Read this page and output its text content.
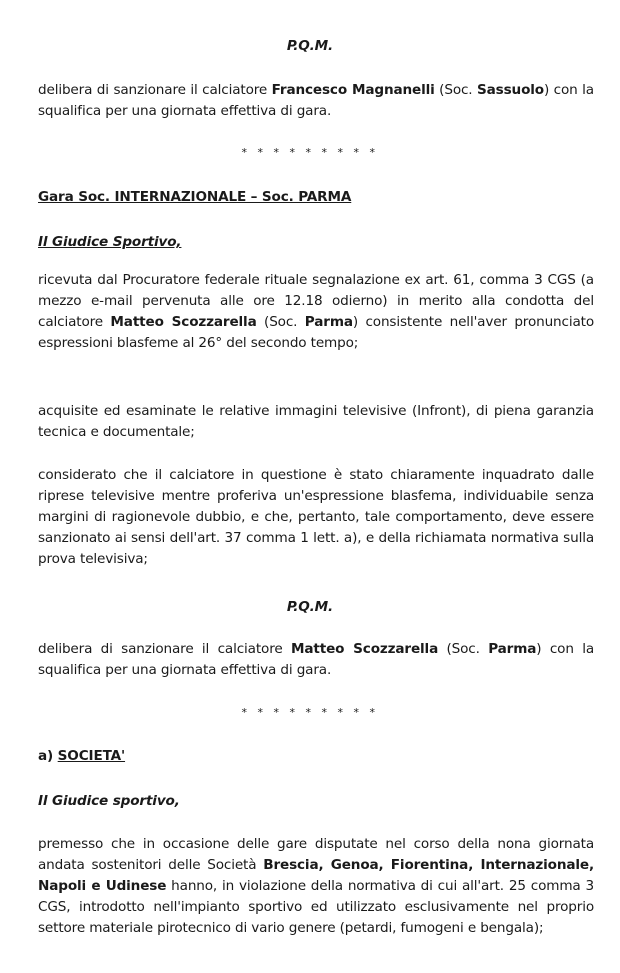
P.Q.M.
delibera di sanzionare il calciatore Francesco Magnanelli (Soc. Sassuolo) con la squalifica per una giornata effettiva di gara.
* * * * * * * * *
Gara Soc. INTERNAZIONALE – Soc. PARMA
Il Giudice Sportivo,
ricevuta dal Procuratore federale rituale segnalazione ex art. 61, comma 3 CGS (a mezzo e-mail pervenuta alle ore 12.18 odierno) in merito alla condotta del calciatore Matteo Scozzarella (Soc. Parma) consistente nell'aver pronunciato espressioni blasfeme al 26° del secondo tempo;
acquisite ed esaminate le relative immagini televisive (Infront), di piena garanzia tecnica e documentale;
considerato che il calciatore in questione è stato chiaramente inquadrato dalle riprese televisive mentre proferiva un'espressione blasfema, individuabile senza margini di ragionevole dubbio, e che, pertanto, tale comportamento, deve essere sanzionato ai sensi dell'art. 37 comma 1 lett. a), e della richiamata normativa sulla prova televisiva;
P.Q.M.
delibera di sanzionare il calciatore Matteo Scozzarella (Soc. Parma) con la squalifica per una giornata effettiva di gara.
* * * * * * * * *
a) SOCIETA'
Il Giudice sportivo,
premesso che in occasione delle gare disputate nel corso della nona giornata andata sostenitori delle Società Brescia, Genoa, Fiorentina, Internazionale, Napoli e Udinese hanno, in violazione della normativa di cui all'art. 25 comma 3 CGS, introdotto nell'impianto sportivo ed utilizzato esclusivamente nel proprio settore materiale pirotecnico di vario genere (petardi, fumogeni e bengala);
